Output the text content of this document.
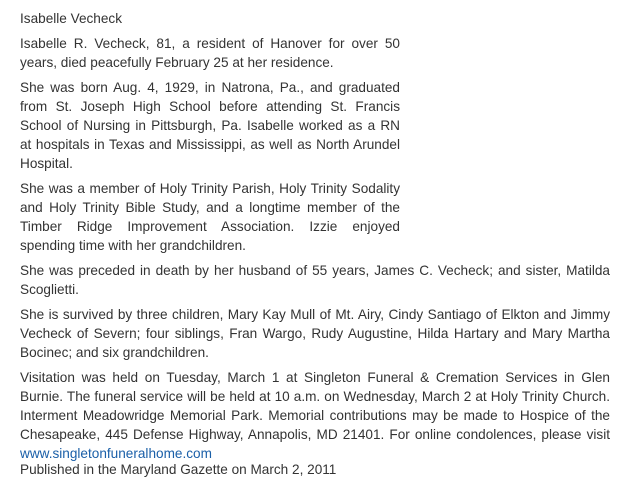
Isabelle Vecheck

Isabelle R. Vecheck, 81, a resident of Hanover for over 50 years, died peacefully February 25 at her residence.

She was born Aug. 4, 1929, in Natrona, Pa., and graduated from St. Joseph High School before attending St. Francis School of Nursing in Pittsburgh, Pa. Isabelle worked as a RN at hospitals in Texas and Mississippi, as well as North Arundel Hospital.

She was a member of Holy Trinity Parish, Holy Trinity Sodality and Holy Trinity Bible Study, and a longtime member of the Timber Ridge Improvement Association. Izzie enjoyed spending time with her grandchildren.

She was preceded in death by her husband of 55 years, James C. Vecheck; and sister, Matilda Scoglietti.

She is survived by three children, Mary Kay Mull of Mt. Airy, Cindy Santiago of Elkton and Jimmy Vecheck of Severn; four siblings, Fran Wargo, Rudy Augustine, Hilda Hartary and Mary Martha Bocinec; and six grandchildren.

Visitation was held on Tuesday, March 1 at Singleton Funeral & Cremation Services in Glen Burnie. The funeral service will be held at 10 a.m. on Wednesday, March 2 at Holy Trinity Church. Interment Meadowridge Memorial Park. Memorial contributions may be made to Hospice of the Chesapeake, 445 Defense Highway, Annapolis, MD 21401. For online condolences, please visit www.singletonfuneralhome.com

Published in the Maryland Gazette on March 2, 2011
